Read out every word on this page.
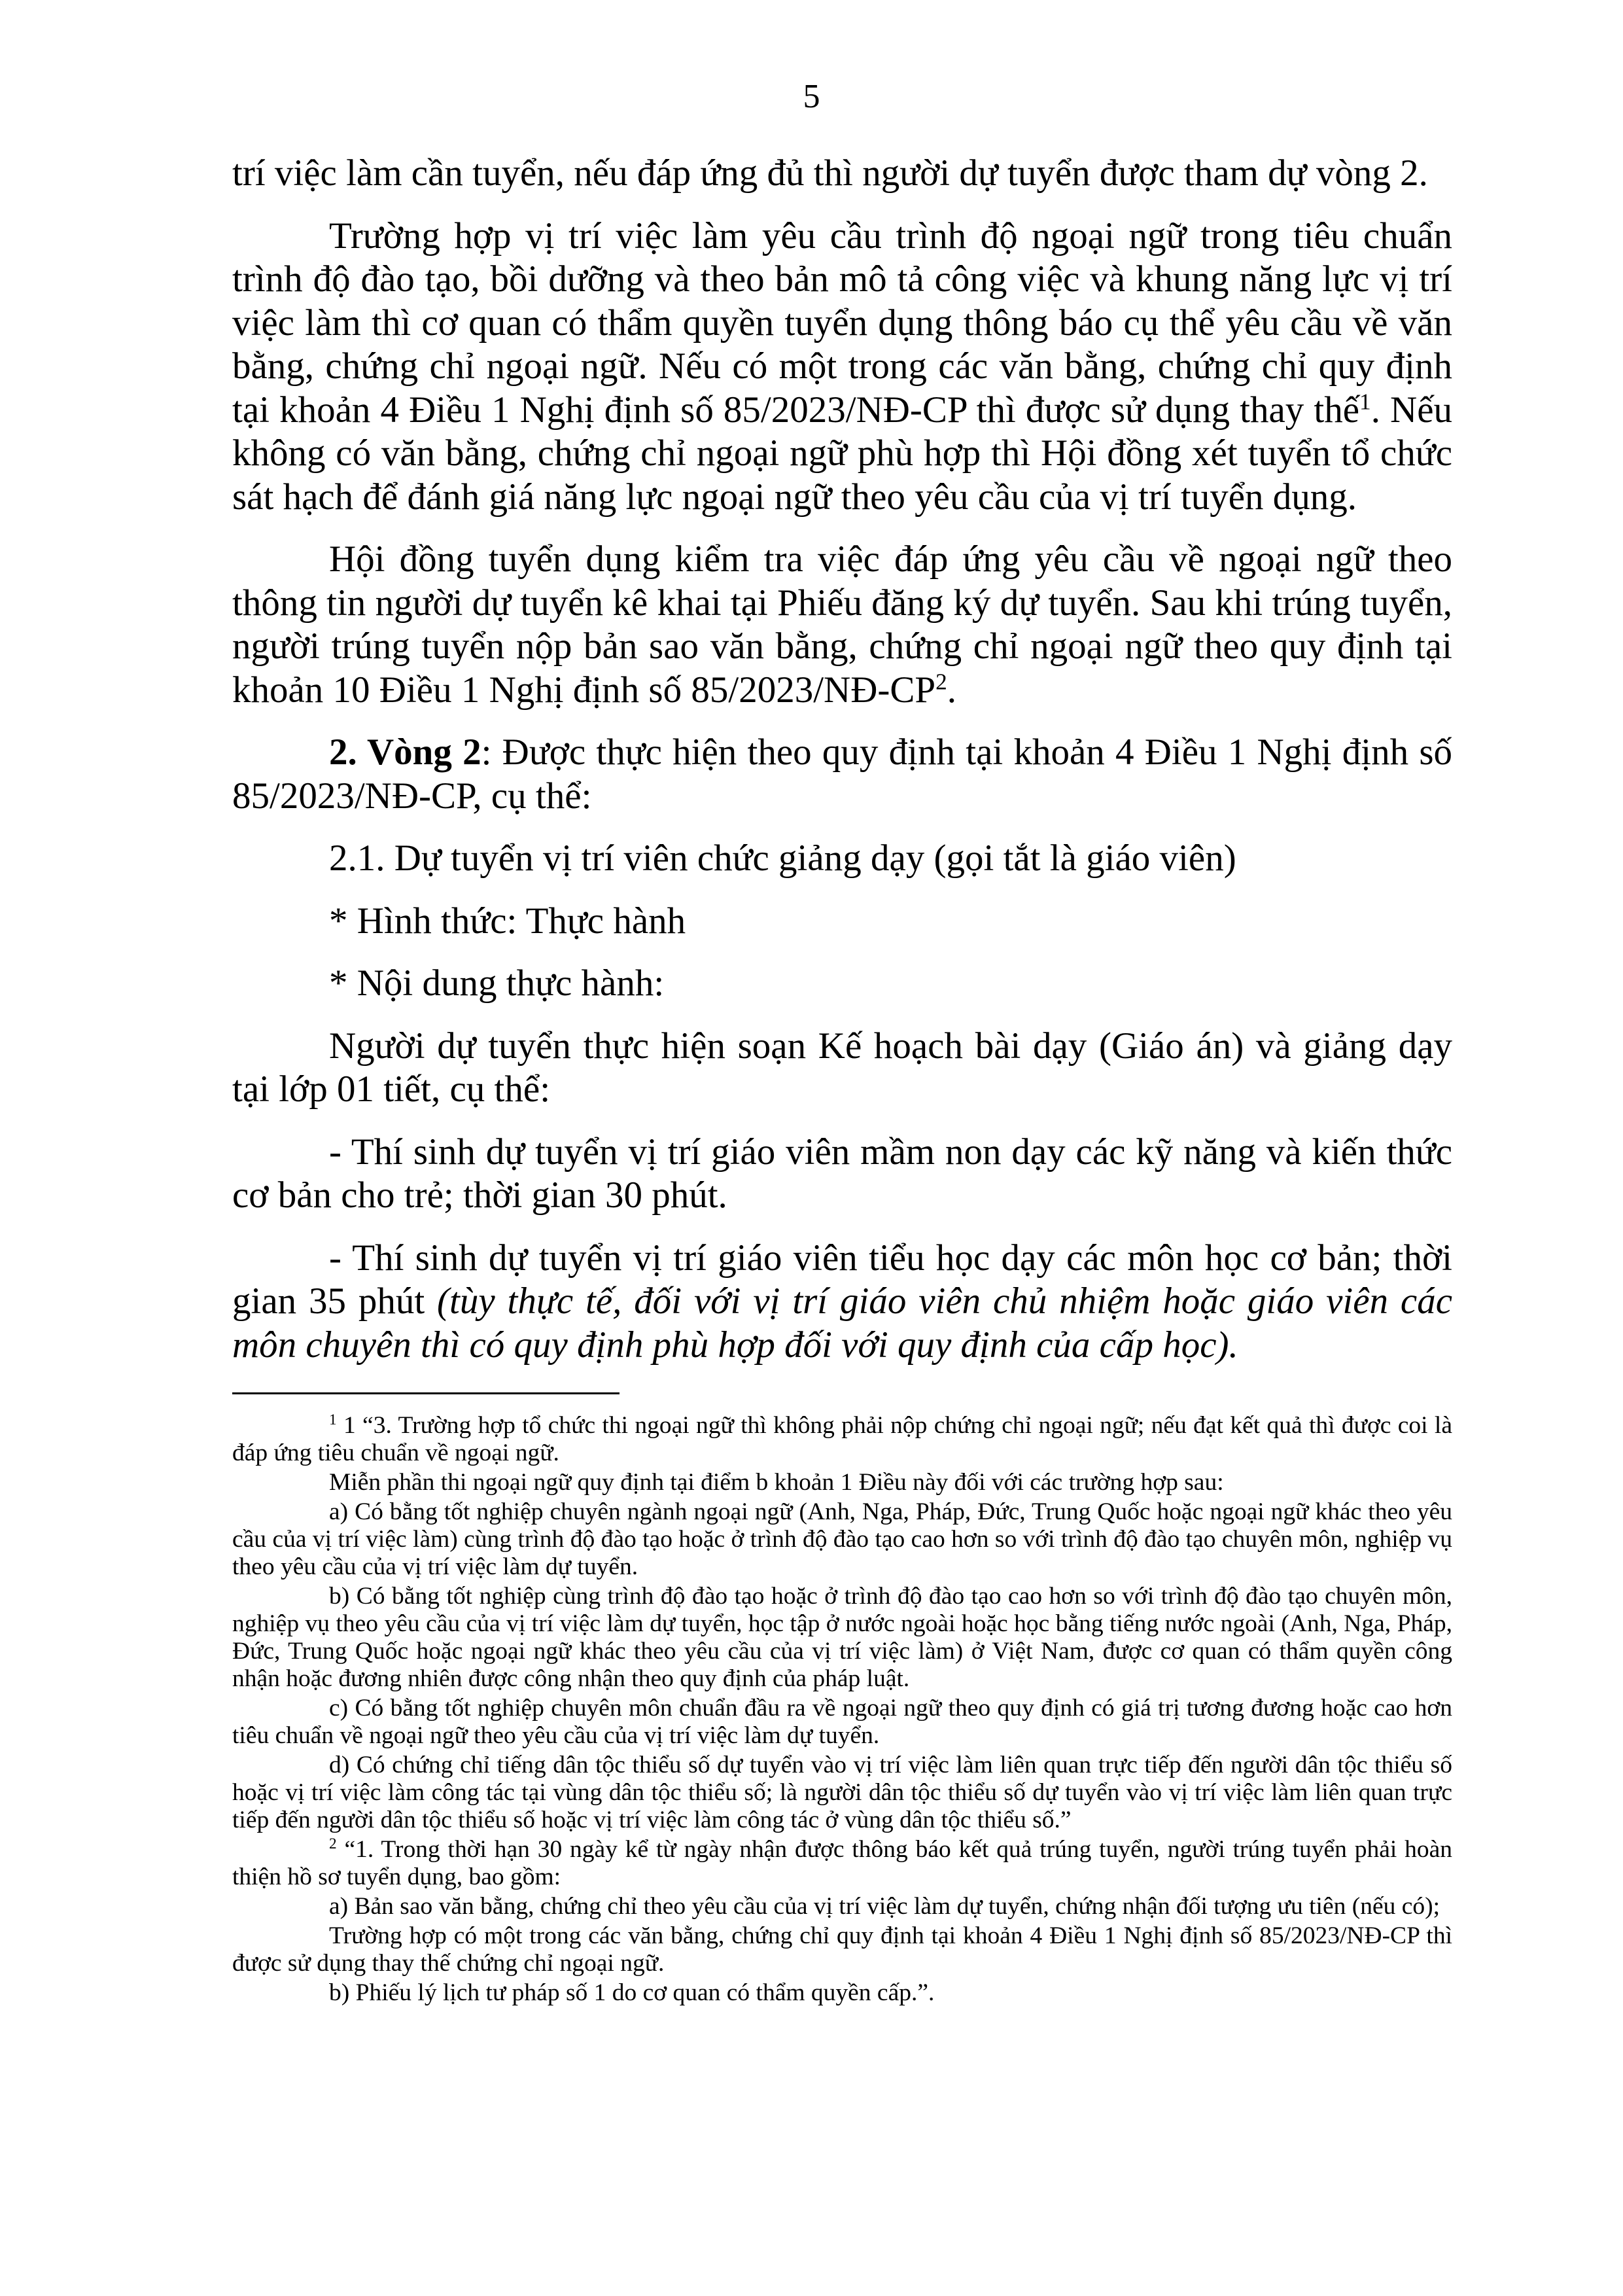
5

trí việc làm cần tuyển, nếu đáp ứng đủ thì người dự tuyển được tham dự vòng 2.

Trường hợp vị trí việc làm yêu cầu trình độ ngoại ngữ trong tiêu chuẩn trình độ đào tạo, bồi dưỡng và theo bản mô tả công việc và khung năng lực vị trí việc làm thì cơ quan có thẩm quyền tuyển dụng thông báo cụ thể yêu cầu về văn bằng, chứng chỉ ngoại ngữ. Nếu có một trong các văn bằng, chứng chỉ quy định tại khoản 4 Điều 1 Nghị định số 85/2023/NĐ-CP thì được sử dụng thay thế$^1$. Nếu không có văn bằng, chứng chỉ ngoại ngữ phù hợp thì Hội đồng xét tuyển tổ chức sát hạch để đánh giá năng lực ngoại ngữ theo yêu cầu của vị trí tuyển dụng.

Hội đồng tuyển dụng kiểm tra việc đáp ứng yêu cầu về ngoại ngữ theo thông tin người dự tuyển kê khai tại Phiếu đăng ký dự tuyển. Sau khi trúng tuyển, người trúng tuyển nộp bản sao văn bằng, chứng chỉ ngoại ngữ theo quy định tại khoản 10 Điều 1 Nghị định số $85/2023/NĐ-CP^2$.

2. Vòng 2: Được thực hiện theo quy định tại khoản 4 Điều 1 Nghị định số 85/2023/NĐ-CP, cụ thể:

2.1. Dự tuyển vị trí viên chức giảng dạy (gọi tắt là giáo viên)

* Hình thức: Thực hành

* Nội dung thực hành:

Người dự tuyển thực hiện soạn Kế hoạch bài dạy (Giáo án) và giảng dạy tại lớp 01 tiết, cụ thể:

- Thí sinh dự tuyển vị trí giáo viên mầm non dạy các kỹ năng và kiến thức cơ bản cho trẻ; thời gian 30 phút.

- Thí sinh dự tuyển vị trí giáo viên tiểu học dạy các môn học cơ bản; thời gian 35 phút (tùy thực tế, đối với vị trí giáo viên chủ nhiệm hoặc giáo viên các môn chuyên thì có quy định phù hợp đối với quy định của cấp học).

$^1$ 1 “3. Trường hợp tổ chức thi ngoại ngữ thì không phải nộp chứng chỉ ngoại ngữ; nếu đạt kết quả thì được coi là đáp ứng tiêu chuẩn về ngoại ngữ.

Miễn phần thi ngoại ngữ quy định tại điểm b khoản 1 Điều này đối với các trường hợp sau:

a) Có bằng tốt nghiệp chuyên ngành ngoại ngữ (Anh, Nga, Pháp, Đức, Trung Quốc hoặc ngoại ngữ khác theo yêu cầu của vị trí việc làm) cùng trình độ đào tạo hoặc ở trình độ đào tạo cao hơn so với trình độ đào tạo chuyên môn, nghiệp vụ theo yêu cầu của vị trí việc làm dự tuyển.

b) Có bằng tốt nghiệp cùng trình độ đào tạo hoặc ở trình độ đào tạo cao hơn so với trình độ đào tạo chuyên môn, nghiệp vụ theo yêu cầu của vị trí việc làm dự tuyển, học tập ở nước ngoài hoặc học bằng tiếng nước ngoài (Anh, Nga, Pháp, Đức, Trung Quốc hoặc ngoại ngữ khác theo yêu cầu của vị trí việc làm) ở Việt Nam, được cơ quan có thẩm quyền công nhận hoặc đương nhiên được công nhận theo quy định của pháp luật.

c) Có bằng tốt nghiệp chuyên môn chuẩn đầu ra về ngoại ngữ theo quy định có giá trị tương đương hoặc cao hơn tiêu chuẩn về ngoại ngữ theo yêu cầu của vị trí việc làm dự tuyển.

d) Có chứng chỉ tiếng dân tộc thiểu số dự tuyển vào vị trí việc làm liên quan trực tiếp đến người dân tộc thiểu số hoặc vị trí việc làm công tác tại vùng dân tộc thiểu số; là người dân tộc thiểu số dự tuyển vào vị trí việc làm liên quan trực tiếp đến người dân tộc thiểu số hoặc vị trí việc làm công tác ở vùng dân tộc thiểu số.”

$^2$ “1. Trong thời hạn 30 ngày kể từ ngày nhận được thông báo kết quả trúng tuyển, người trúng tuyển phải hoàn thiện hồ sơ tuyển dụng, bao gồm:

a) Bản sao văn bằng, chứng chỉ theo yêu cầu của vị trí việc làm dự tuyển, chứng nhận đối tượng ưu tiên (nếu có);

Trường hợp có một trong các văn bằng, chứng chỉ quy định tại khoản 4 Điều 1 Nghị định số 85/2023/NĐ-CP thì được sử dụng thay thế chứng chỉ ngoại ngữ.

b) Phiếu lý lịch tư pháp số 1 do cơ quan có thẩm quyền cấp.”.
